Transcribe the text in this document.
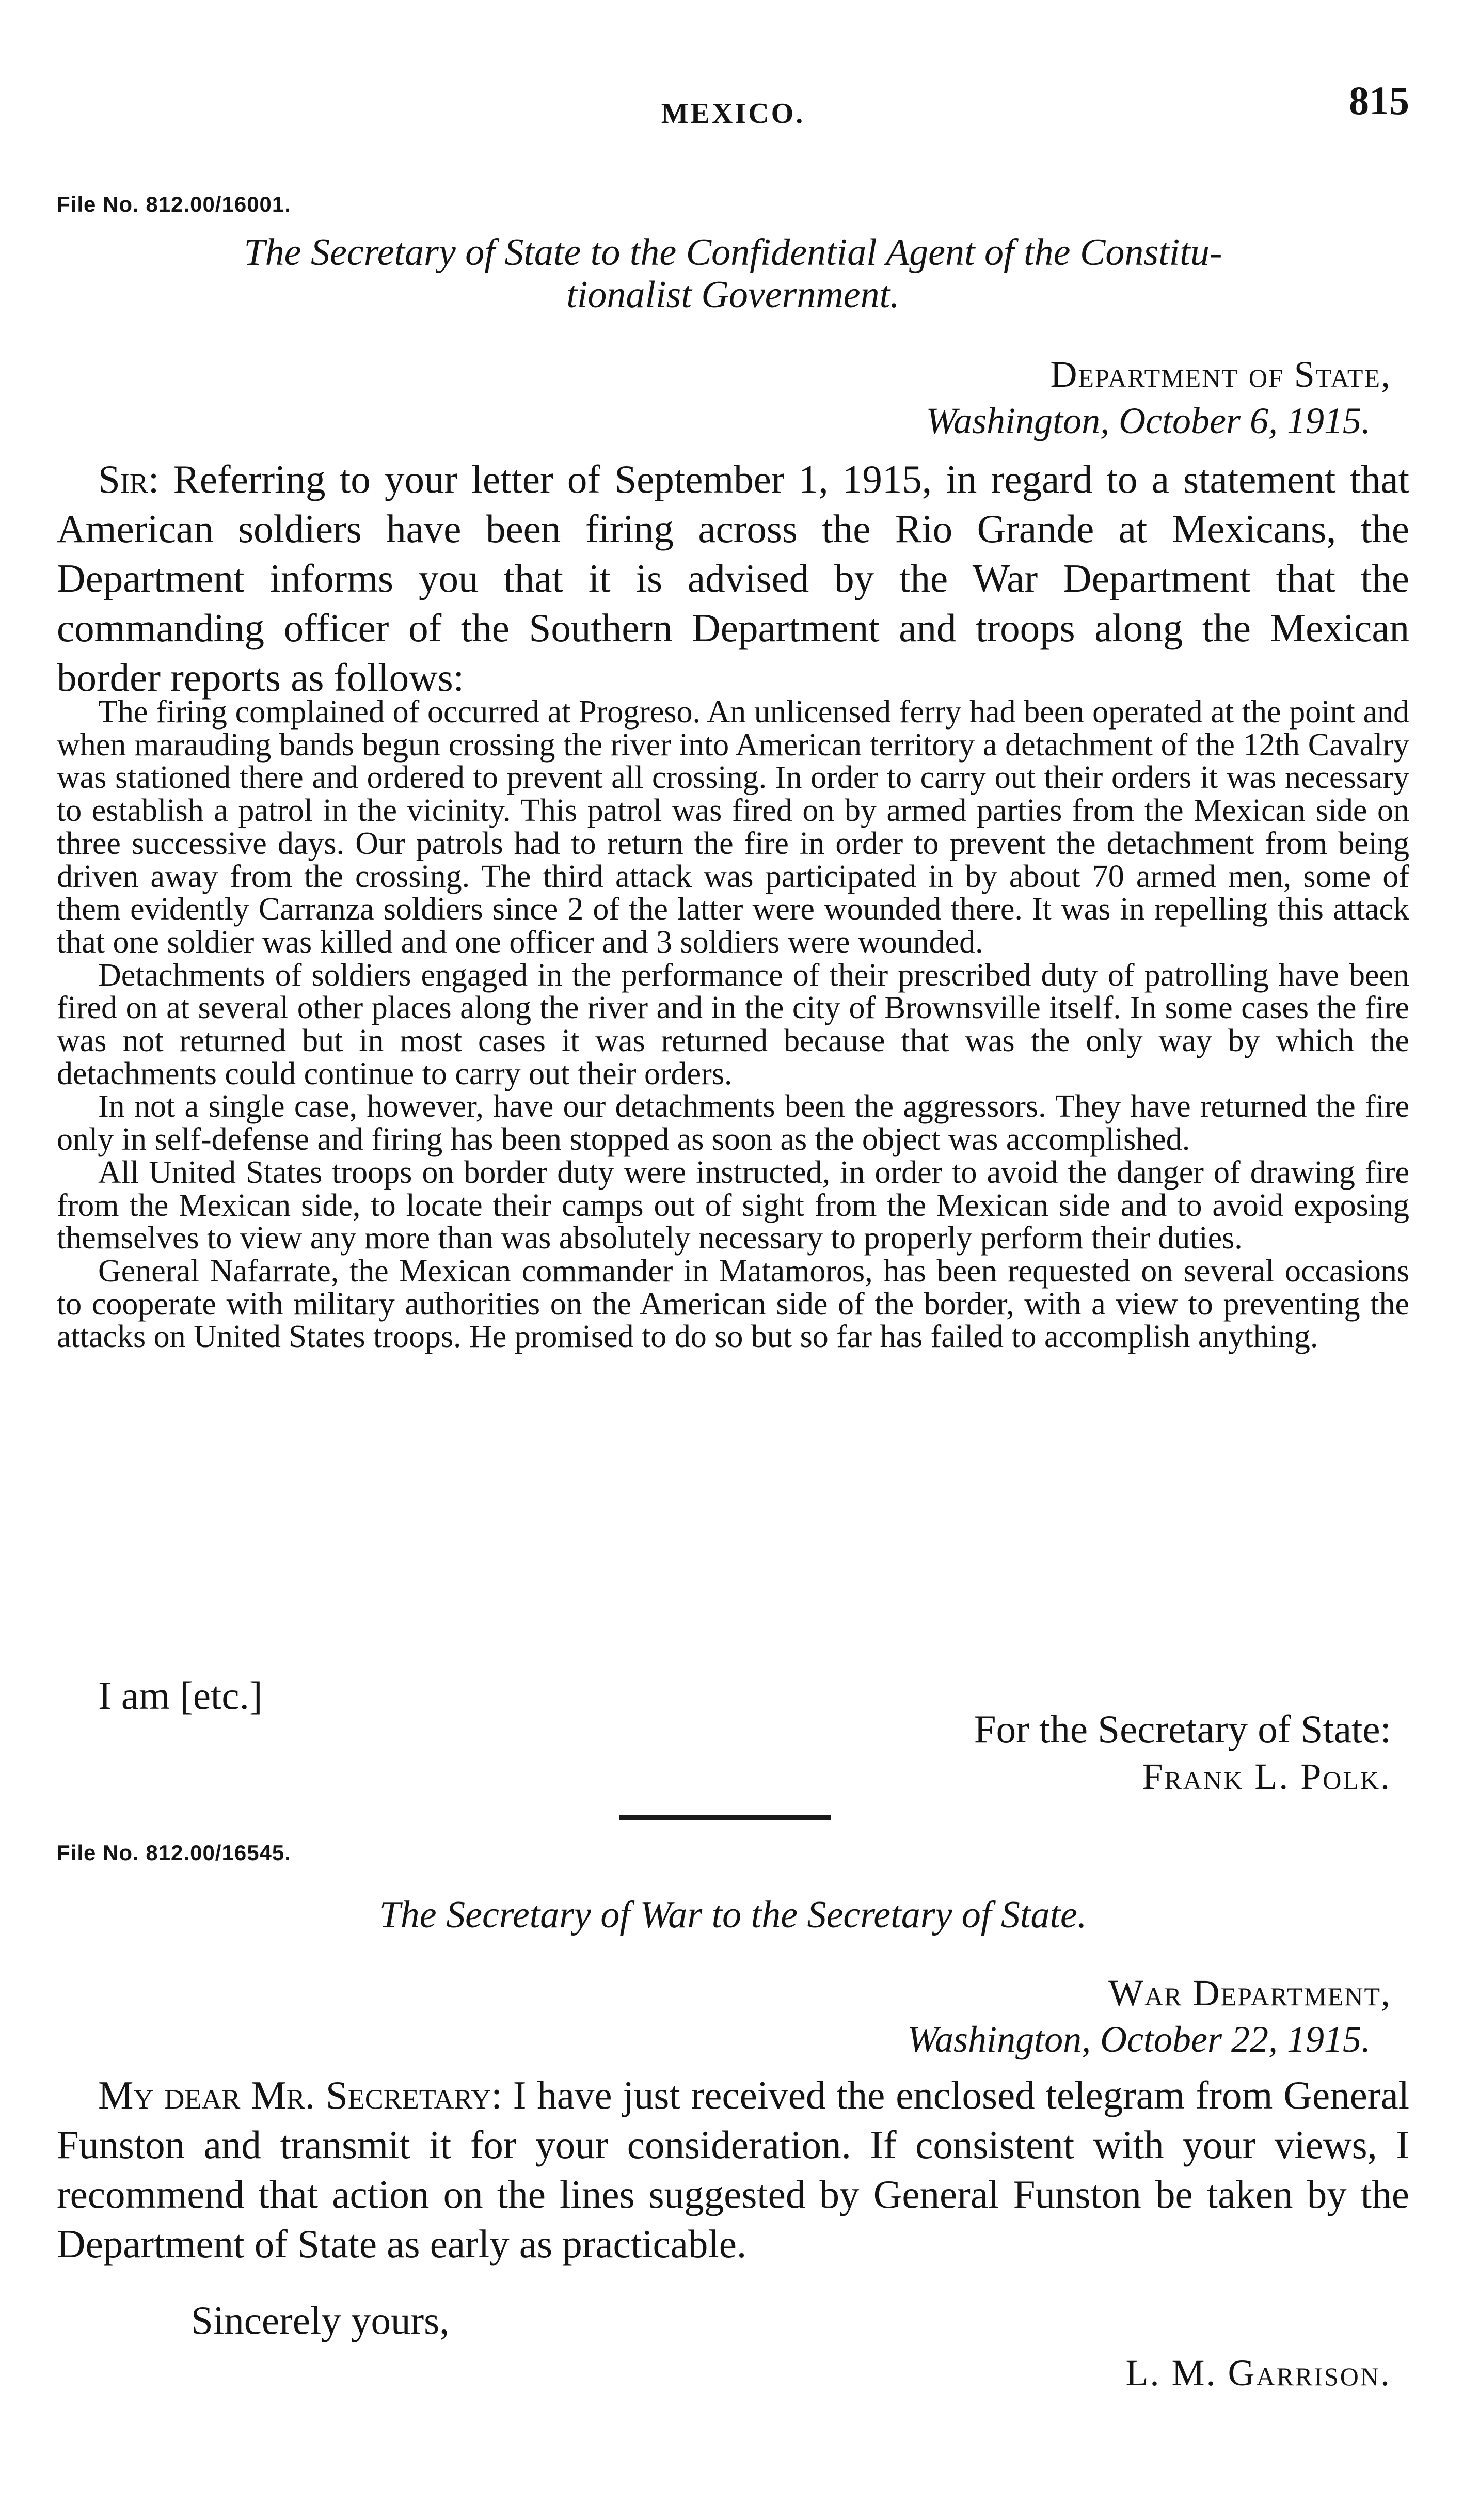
MEXICO.	815
File No. 812.00/16001.
The Secretary of State to the Confidential Agent of the Constitu-
tionalist Government.
Department of State,
Washington, October 6, 1915.

Sir: Referring to your letter of September 1, 1915, in regard to a statement that American soldiers have been firing across the Rio Grande at Mexicans, the Department informs you that it is advised by the War Department that the commanding officer of the Southern Department and troops along the Mexican border reports as follows:

The firing complained of occurred at Progreso. An unlicensed ferry had been operated at the point and when marauding bands begun crossing the river into American territory a detachment of the 12th Cavalry was stationed there and ordered to prevent all crossing. In order to carry out their orders it was necessary to establish a patrol in the vicinity. This patrol was fired on by armed parties from the Mexican side on three successive days. Our patrols had to return the fire in order to prevent the detachment from being driven away from the crossing. The third attack was participated in by about 70 armed men, some of them evidently Carranza soldiers since 2 of the latter were wounded there. It was in repelling this attack that one soldier was killed and one officer and 3 soldiers were wounded.

Detachments of soldiers engaged in the performance of their prescribed duty of patrolling have been fired on at several other places along the river and in the city of Brownsville itself. In some cases the fire was not returned but in most cases it was returned because that was the only way by which the detachments could continue to carry out their orders.

In not a single case, however, have our detachments been the aggressors. They have returned the fire only in self-defense and firing has been stopped as soon as the object was accomplished.

All United States troops on border duty were instructed, in order to avoid the danger of drawing fire from the Mexican side, to locate their camps out of sight from the Mexican side and to avoid exposing themselves to view any more than was absolutely necessary to properly perform their duties.

General Nafarrate, the Mexican commander in Matamoros, has been requested on several occasions to cooperate with military authorities on the American side of the border, with a view to preventing the attacks on United States troops. He promised to do so but so far has failed to accomplish anything.

I am [etc.]
For the Secretary of State:
Frank L. Polk.
File No. 812.00/16545.
The Secretary of War to the Secretary of State.
War Department,
Washington, October 22, 1915.

My dear Mr. Secretary: I have just received the enclosed telegram from General Funston and transmit it for your consideration. If consistent with your views, I recommend that action on the lines suggested by General Funston be taken by the Department of State as early as practicable.

Sincerely yours,
L. M. Garrison.
